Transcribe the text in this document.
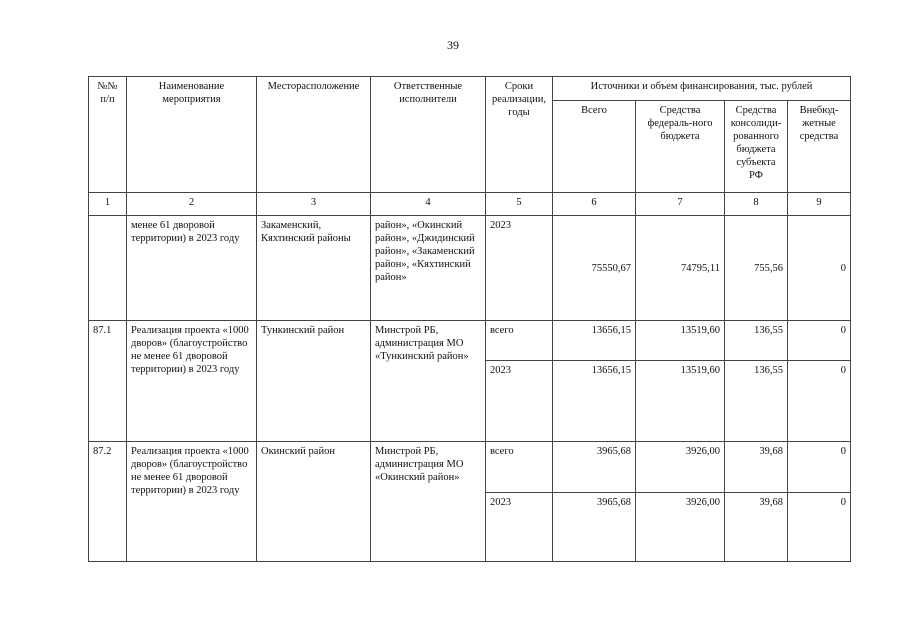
39
№№ п/п	Наименование мероприятия	Месторасположение	Ответственные исполнители	Сроки реализации, годы	Источники и объем финансирования, тыс. рублей			
					Всего	Средства федераль-ного бюджета	Средства консолиди-рованного бюджета субъекта РФ	Внебюд-жетные средства
1	2	3	4	5	6	7	8	9
	менее 61 дворовой территории) в 2023 году	Закаменский, Кяхтинский районы	район», «Окинский район», «Джидинский район», «Закаменский район», «Кяхтинский район»	2023	75550,67	74795,11	755,56	0
87.1	Реализация проекта «1000 дворов» (благоустройство не менее 61 дворовой территории) в 2023 году	Тункинский район	Минстрой РБ, администрация МО «Тункинский район»	всего	13656,15	13519,60	136,55	0
				2023	13656,15	13519,60	136,55	0
87.2	Реализация проекта «1000 дворов» (благоустройство не менее 61 дворовой территории) в 2023 году	Окинский район	Минстрой РБ, администрация МО «Окинский район»	всего	3965,68	3926,00	39,68	0
				2023	3965,68	3926,00	39,68	0
